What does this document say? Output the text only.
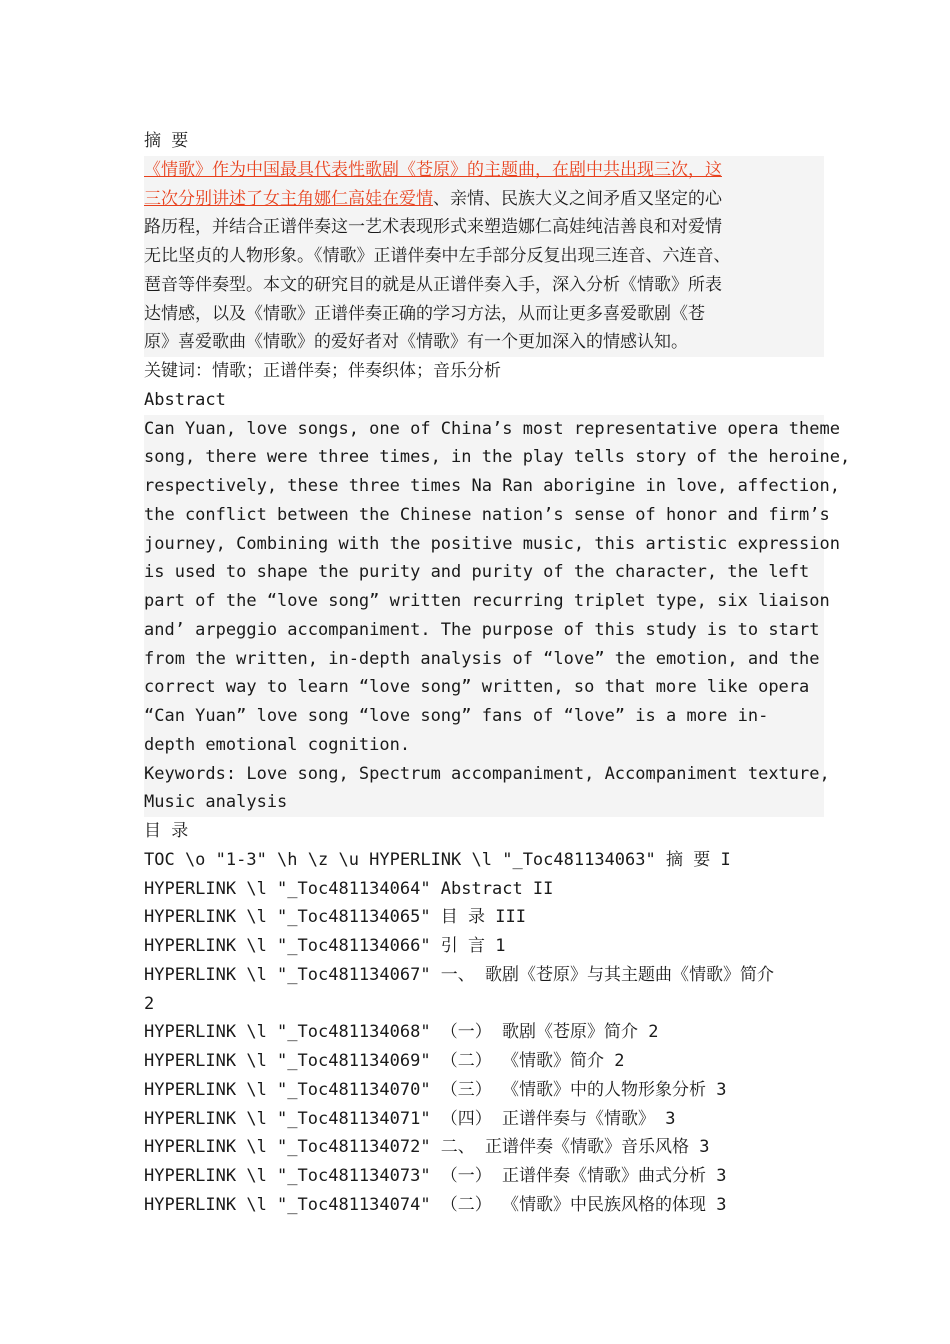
摘 要
《情歌》作为中国最具代表性歌剧《苍原》的主题曲，在剧中共出现三次，这
三次分别讲述了女主角娜仁高娃在爱情、亲情、民族大义之间矛盾又坚定的心
路历程，并结合正谱伴奏这一艺术表现形式来塑造娜仁高娃纯洁善良和对爱情
无比坚贞的人物形象。《情歌》正谱伴奏中左手部分反复出现三连音、六连音、
琶音等伴奏型。本文的研究目的就是从正谱伴奏入手，深入分析《情歌》所表
达情感，以及《情歌》正谱伴奏正确的学习方法，从而让更多喜爱歌剧《苍
原》喜爱歌曲《情歌》的爱好者对《情歌》有一个更加深入的情感认知。
关键词：情歌；正谱伴奏；伴奏织体；音乐分析
Abstract
Can Yuan, love songs, one of China’s most representative opera theme
song, there were three times, in the play tells story of the heroine,
respectively, these three times Na Ran aborigine in love, affection,
the conflict between the Chinese nation’s sense of honor and firm’s
journey, Combining with the positive music, this artistic expression
is used to shape the purity and purity of the character, the left
part of the “love song” written recurring triplet type, six liaison
and’ arpeggio accompaniment. The purpose of this study is to start
from the written, in-depth analysis of “love” the emotion, and the
correct way to learn “love song” written, so that more like opera
“Can Yuan” love song “love song” fans of “love” is a more in-
depth emotional cognition.
Keywords: Love song, Spectrum accompaniment, Accompaniment texture,
Music analysis
目 录
TOC \o "1-3" \h \z \u HYPERLINK \l "_Toc481134063" 摘 要 I
HYPERLINK \l "_Toc481134064" Abstract II
HYPERLINK \l "_Toc481134065" 目 录 III
HYPERLINK \l "_Toc481134066" 引 言 1
HYPERLINK \l "_Toc481134067" 一、 歌剧《苍原》与其主题曲《情歌》简介
2
HYPERLINK \l "_Toc481134068" （一） 歌剧《苍原》简介 2
HYPERLINK \l "_Toc481134069" （二） 《情歌》简介 2
HYPERLINK \l "_Toc481134070" （三） 《情歌》中的人物形象分析 3
HYPERLINK \l "_Toc481134071" （四） 正谱伴奏与《情歌》 3
HYPERLINK \l "_Toc481134072" 二、 正谱伴奏《情歌》音乐风格 3
HYPERLINK \l "_Toc481134073" （一） 正谱伴奏《情歌》曲式分析 3
HYPERLINK \l "_Toc481134074" （二） 《情歌》中民族风格的体现 3
